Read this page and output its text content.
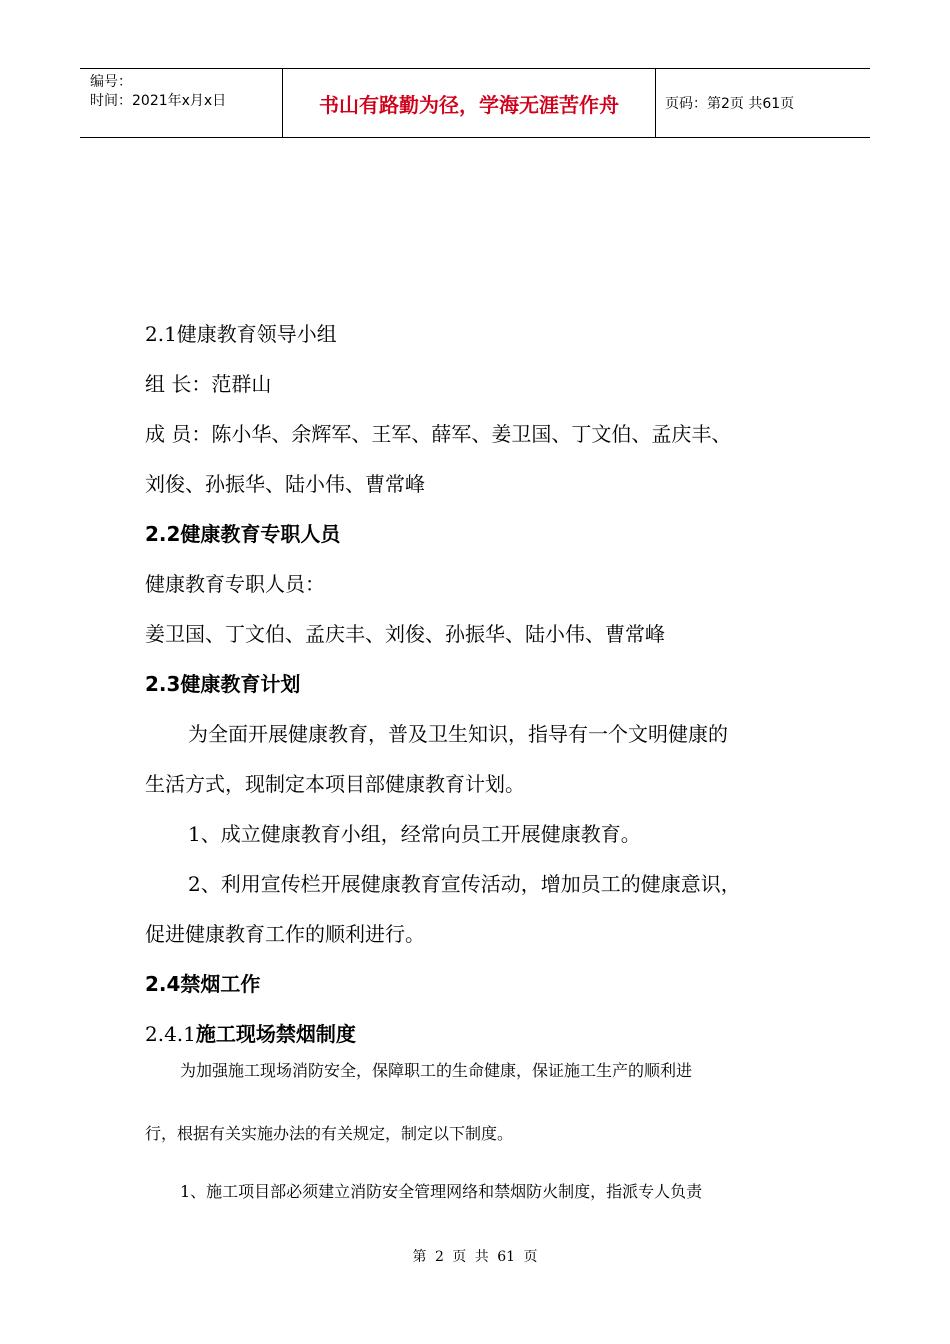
编号：
时间：2021年x月x日	书山有路勤为径，学海无涯苦作舟	页码：第2页 共61页
2.1健康教育领导小组
组 长：范群山
成 员：陈小华、余辉军、王军、薛军、姜卫国、丁文伯、孟庆丰、
刘俊、孙振华、陆小伟、曹常峰
2.2健康教育专职人员
健康教育专职人员：
姜卫国、丁文伯、孟庆丰、刘俊、孙振华、陆小伟、曹常峰
2.3健康教育计划
为全面开展健康教育，普及卫生知识，指导有一个文明健康的
生活方式，现制定本项目部健康教育计划。
1、成立健康教育小组，经常向员工开展健康教育。
2、利用宣传栏开展健康教育宣传活动，增加员工的健康意识，
促进健康教育工作的顺利进行。
2.4禁烟工作
2.4.1施工现场禁烟制度
为加强施工现场消防安全，保障职工的生命健康，保证施工生产的顺利进
行，根据有关实施办法的有关规定，制定以下制度。
1、施工项目部必须建立消防安全管理网络和禁烟防火制度，指派专人负责
第 2 页 共 61 页
